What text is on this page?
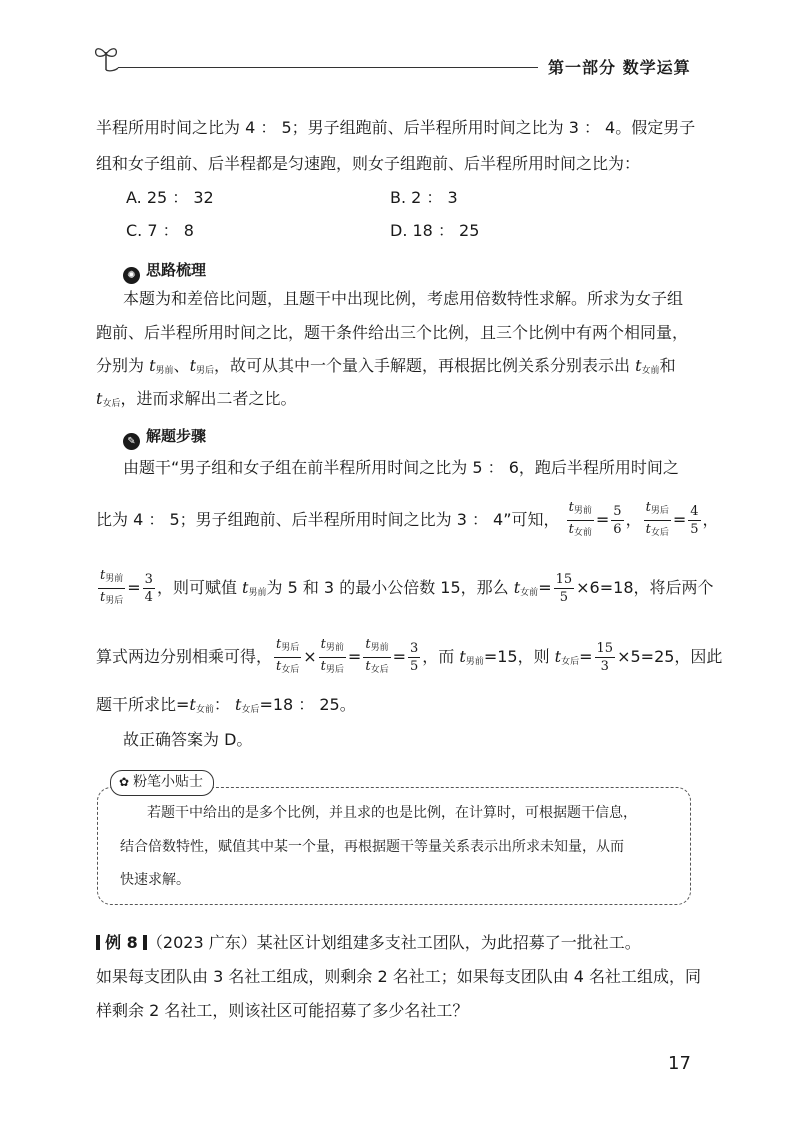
第一部分 数学运算
半程所用时间之比为 4 ： 5；男子组跑前、后半程所用时间之比为 3 ： 4。假定男子
组和女子组前、后半程都是匀速跑，则女子组跑前、后半程所用时间之比为：
A. 25 ： 32	B. 2 ： 3
C. 7 ： 8	D. 18 ： 25
✺ 思路梳理
本题为和差倍比问题，且题干中出现比例，考虑用倍数特性求解。所求为女子组
跑前、后半程所用时间之比，题干条件给出三个比例，且三个比例中有两个相同量，
分别为 $t_{男前}$、$t_{男后}$，故可从其中一个量入手解题，再根据比例关系分别表示出 $t_{女前}$和
$t_{女后}$，进而求解出二者之比。
✎ 解题步骤
由题干“男子组和女子组在前半程所用时间之比为 5 ： 6，跑后半程所用时间之
比为 4 ： 5；男子组跑前、后半程所用时间之比为 3 ： 4”可知， $\frac{t_{男前}}{t_{女前}} = \frac{5}{6}$ ， $\frac{t_{男后}}{t_{女后}} = \frac{4}{5}$ ，
$\frac{t_{男前}}{t_{男后}} = \frac{3}{4}$ ，则可赋值 $t_{男前}$为 5 和 3 的最小公倍数 15，那么 $t_{女前}= \frac{15}{5} \times 6=18$，将后两个
算式两边分别相乘可得， $\frac{t_{男后}}{t_{女后}} \times \frac{t_{男前}}{t_{男后}} = \frac{t_{男前}}{t_{女后}} = \frac{3}{5}$ ，而 $t_{男前}=15$，则 $t_{女后}= \frac{15}{3} \times 5=25$，因此
题干所求比$=t_{女前}$： $t_{女后}=18$ ： 25。
故正确答案为 D。
✿ 粉笔小贴士
若题干中给出的是多个比例，并且求的也是比例，在计算时，可根据题干信息，
结合倍数特性，赋值其中某一个量，再根据题干等量关系表示出所求未知量，从而
快速求解。
例 8 （2023 广东）某社区计划组建多支社工团队，为此招募了一批社工。
如果每支团队由 3 名社工组成，则剩余 2 名社工；如果每支团队由 4 名社工组成，同
样剩余 2 名社工，则该社区可能招募了多少名社工？
17
